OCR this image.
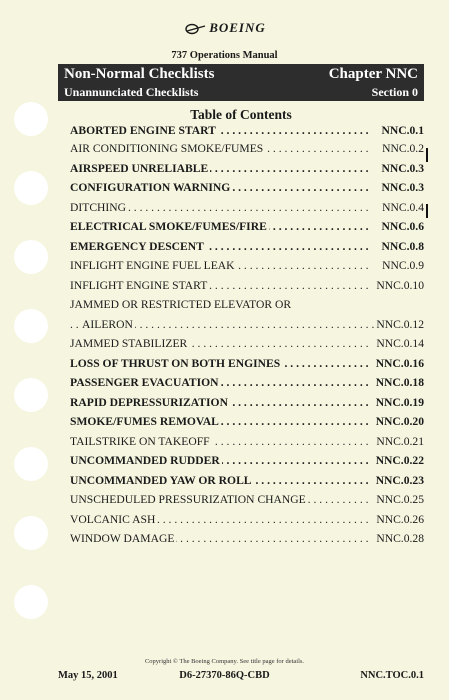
BOEING
737 Operations Manual
Non-Normal Checklists	Chapter NNC
Unannunciated Checklists	Section 0
Table of Contents
ABORTED ENGINE START . . .	NNC.0.1
AIR CONDITIONING SMOKE/FUMES . . .	NNC.0.2
AIRSPEED UNRELIABLE . . .	NNC.0.3
CONFIGURATION WARNING . . .	NNC.0.3
DITCHING . . .	NNC.0.4
ELECTRICAL SMOKE/FUMES/FIRE . . .	NNC.0.6
EMERGENCY DESCENT . . .	NNC.0.8
INFLIGHT ENGINE FUEL LEAK . . .	NNC.0.9
INFLIGHT ENGINE START . . .	NNC.0.10
JAMMED OR RESTRICTED ELEVATOR OR
AILERON . . .	NNC.0.12
JAMMED STABILIZER . . .	NNC.0.14
LOSS OF THRUST ON BOTH ENGINES . . .	NNC.0.16
PASSENGER EVACUATION . . .	NNC.0.18
RAPID DEPRESSURIZATION . . .	NNC.0.19
SMOKE/FUMES REMOVAL . . .	NNC.0.20
TAILSTRIKE ON TAKEOFF . . .	NNC.0.21
UNCOMMANDED RUDDER . . .	NNC.0.22
UNCOMMANDED YAW OR ROLL . . .	NNC.0.23
UNSCHEDULED PRESSURIZATION CHANGE . . .	NNC.0.25
VOLCANIC ASH . . .	NNC.0.26
WINDOW DAMAGE . . .	NNC.0.28
Copyright © The Boeing Company. See title page for details.
May 15, 2001	D6-27370-86Q-CBD	NNC.TOC.0.1
